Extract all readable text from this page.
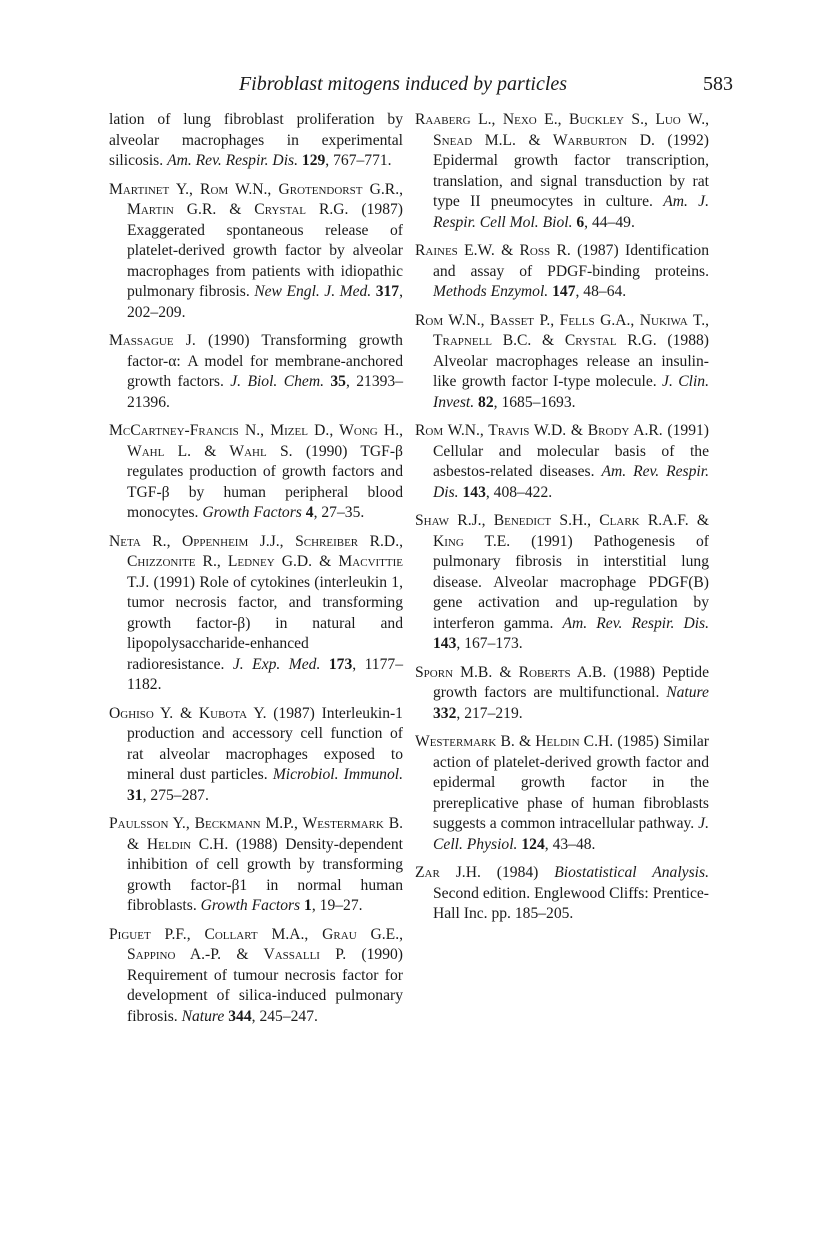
Fibroblast mitogens induced by particles	583

lation of lung fibroblast proliferation by alveolar macrophages in experimental silicosis. Am. Rev. Respir. Dis. 129, 767–771.

Martinet Y., Rom W.N., Grotendorst G.R., Martin G.R. & Crystal R.G. (1987) Exaggerated spontaneous release of platelet-derived growth factor by alveolar macrophages from patients with idiopathic pulmonary fibrosis. New Engl. J. Med. 317, 202–209.

Massague J. (1990) Transforming growth factor-α: A model for membrane-anchored growth factors. J. Biol. Chem. 35, 21393–21396.

McCartney-Francis N., Mizel D., Wong H., Wahl L. & Wahl S. (1990) TGF-β regulates production of growth factors and TGF-β by human peripheral blood monocytes. Growth Factors 4, 27–35.

Neta R., Oppenheim J.J., Schreiber R.D., Chizzonite R., Ledney G.D. & Macvittie T.J. (1991) Role of cytokines (interleukin 1, tumor necrosis factor, and transforming growth factor-β) in natural and lipopolysaccharide-enhanced radioresistance. J. Exp. Med. 173, 1177–1182.

Oghiso Y. & Kubota Y. (1987) Interleukin-1 production and accessory cell function of rat alveolar macrophages exposed to mineral dust particles. Microbiol. Immunol. 31, 275–287.

Paulsson Y., Beckmann M.P., Westermark B. & Heldin C.H. (1988) Density-dependent inhibition of cell growth by transforming growth factor-β1 in normal human fibroblasts. Growth Factors 1, 19–27.

Piguet P.F., Collart M.A., Grau G.E., Sappino A.-P. & Vassalli P. (1990) Requirement of tumour necrosis factor for development of silica-induced pulmonary fibrosis. Nature 344, 245–247.

Raaberg L., Nexo E., Buckley S., Luo W., Snead M.L. & Warburton D. (1992) Epidermal growth factor transcription, translation, and signal transduction by rat type II pneumocytes in culture. Am. J. Respir. Cell Mol. Biol. 6, 44–49.

Raines E.W. & Ross R. (1987) Identification and assay of PDGF-binding proteins. Methods Enzymol. 147, 48–64.

Rom W.N., Basset P., Fells G.A., Nukiwa T., Trapnell B.C. & Crystal R.G. (1988) Alveolar macrophages release an insulin-like growth factor I-type molecule. J. Clin. Invest. 82, 1685–1693.

Rom W.N., Travis W.D. & Brody A.R. (1991) Cellular and molecular basis of the asbestos-related diseases. Am. Rev. Respir. Dis. 143, 408–422.

Shaw R.J., Benedict S.H., Clark R.A.F. & King T.E. (1991) Pathogenesis of pulmonary fibrosis in interstitial lung disease. Alveolar macrophage PDGF(B) gene activation and up-regulation by interferon gamma. Am. Rev. Respir. Dis. 143, 167–173.

Sporn M.B. & Roberts A.B. (1988) Peptide growth factors are multifunctional. Nature 332, 217–219.

Westermark B. & Heldin C.H. (1985) Similar action of platelet-derived growth factor and epidermal growth factor in the prereplicative phase of human fibroblasts suggests a common intracellular pathway. J. Cell. Physiol. 124, 43–48.

Zar J.H. (1984) Biostatistical Analysis. Second edition. Englewood Cliffs: Prentice-Hall Inc. pp. 185–205.
